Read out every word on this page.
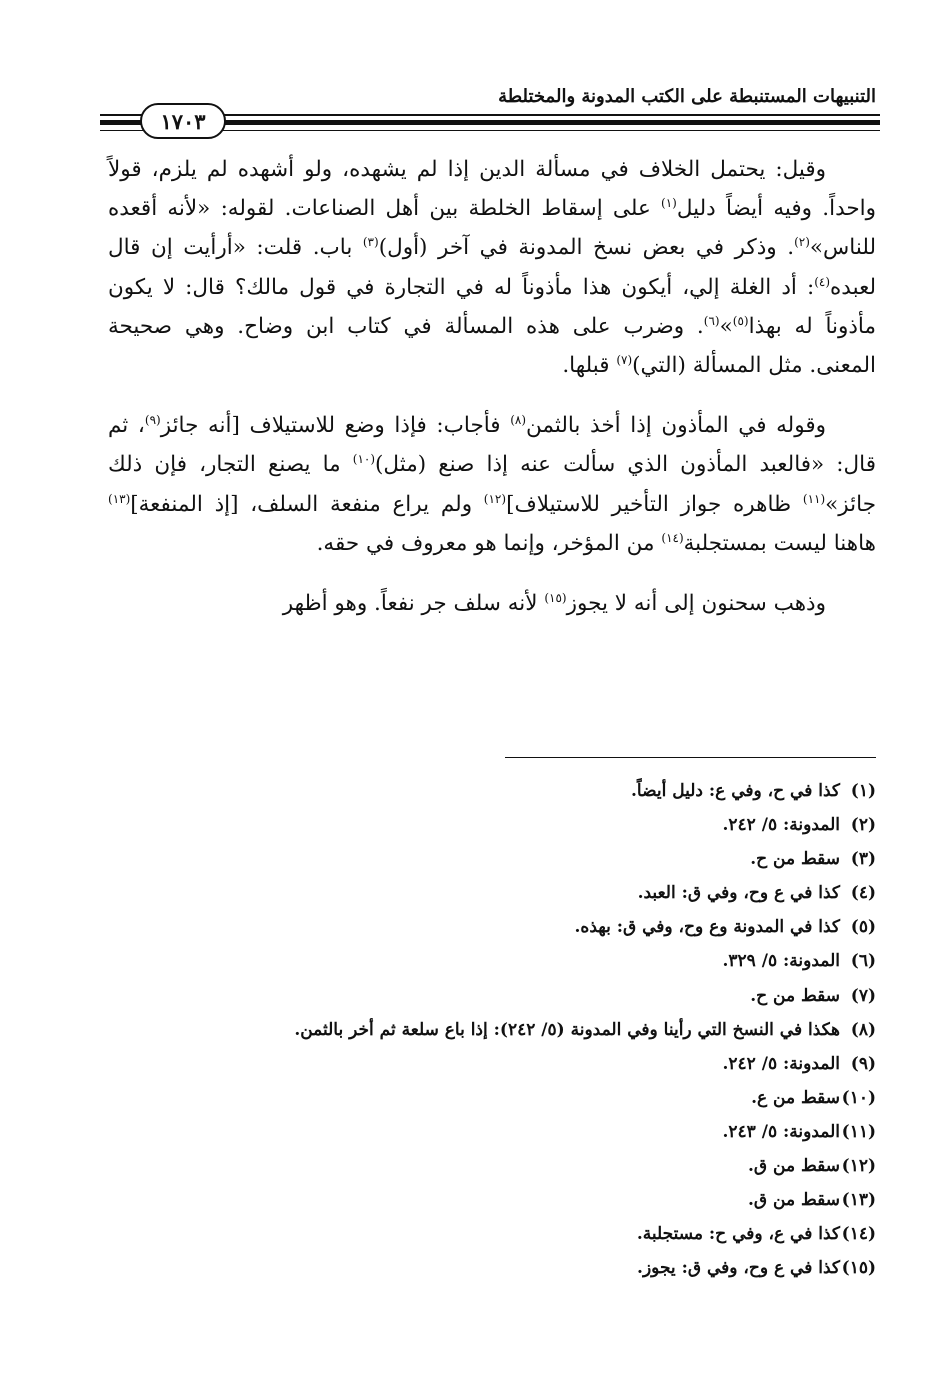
التنبيهات المستنبطة على الكتب المدونة والمختلطة
١٧٠٣

وقيل: يحتمل الخلاف في مسألة الدين إذا لم يشهده، ولو أشهده لم يلزم، قولاً واحداً. وفيه أيضاً دليل$^{(١)}$ على إسقاط الخلطة بين أهل الصناعات. لقوله: «لأنه أقعده للناس»$^{(٢)}$. وذكر في بعض نسخ المدونة في آخر (أول)$^{(٣)}$ باب. قلت: «أرأيت إن قال لعبده$^{(٤)}$: أد الغلة إلي، أيكون هذا مأذوناً له في التجارة في قول مالك؟ قال: لا يكون مأذوناً له بهذا$^{(٥)}$»$^{(٦)}$. وضرب على هذه المسألة في كتاب ابن وضاح. وهي صحيحة المعنى. مثل المسألة (التي)$^{(٧)}$ قبلها.

وقوله في المأذون إذا أخذ بالثمن$^{(٨)}$ فأجاب: فإذا وضع للاستيلاف [أنه جائز$^{(٩)}$، ثم قال: «فالعبد المأذون الذي سألت عنه إذا صنع (مثل)$^{(١٠)}$ ما يصنع التجار، فإن ذلك جائز»$^{(١١)}$ ظاهره جواز التأخير للاستيلاف]$^{(١٢)}$ ولم يراع منفعة السلف، [إذ المنفعة]$^{(١٣)}$ هاهنا ليست بمستجلبة$^{(١٤)}$ من المؤخر، وإنما هو معروف في حقه.

وذهب سحنون إلى أنه لا يجوز$^{(١٥)}$ لأنه سلف جر نفعاً. وهو أظهر

(١)كذا في ح، وفي ع: دليل أيضاً.
(٢)المدونة: ٥/ ٢٤٢.
(٣)سقط من ح.
(٤)كذا في ع وح، وفي ق: العبد.
(٥)كذا في المدونة وع وح، وفي ق: بهذه.
(٦)المدونة: ٥/ ٣٢٩.
(٧)سقط من ح.
(٨)هكذا في النسخ التي رأينا وفي المدونة (٥/ ٢٤٢): إذا باع سلعة ثم أخر بالثمن.
(٩)المدونة: ٥/ ٢٤٢.
(١٠)سقط من ع.
(١١)المدونة: ٥/ ٢٤٣.
(١٢)سقط من ق.
(١٣)سقط من ق.
(١٤)كذا في ع، وفي ح: مستجلبة.
(١٥)كذا في ع وح، وفي ق: يجوز.
